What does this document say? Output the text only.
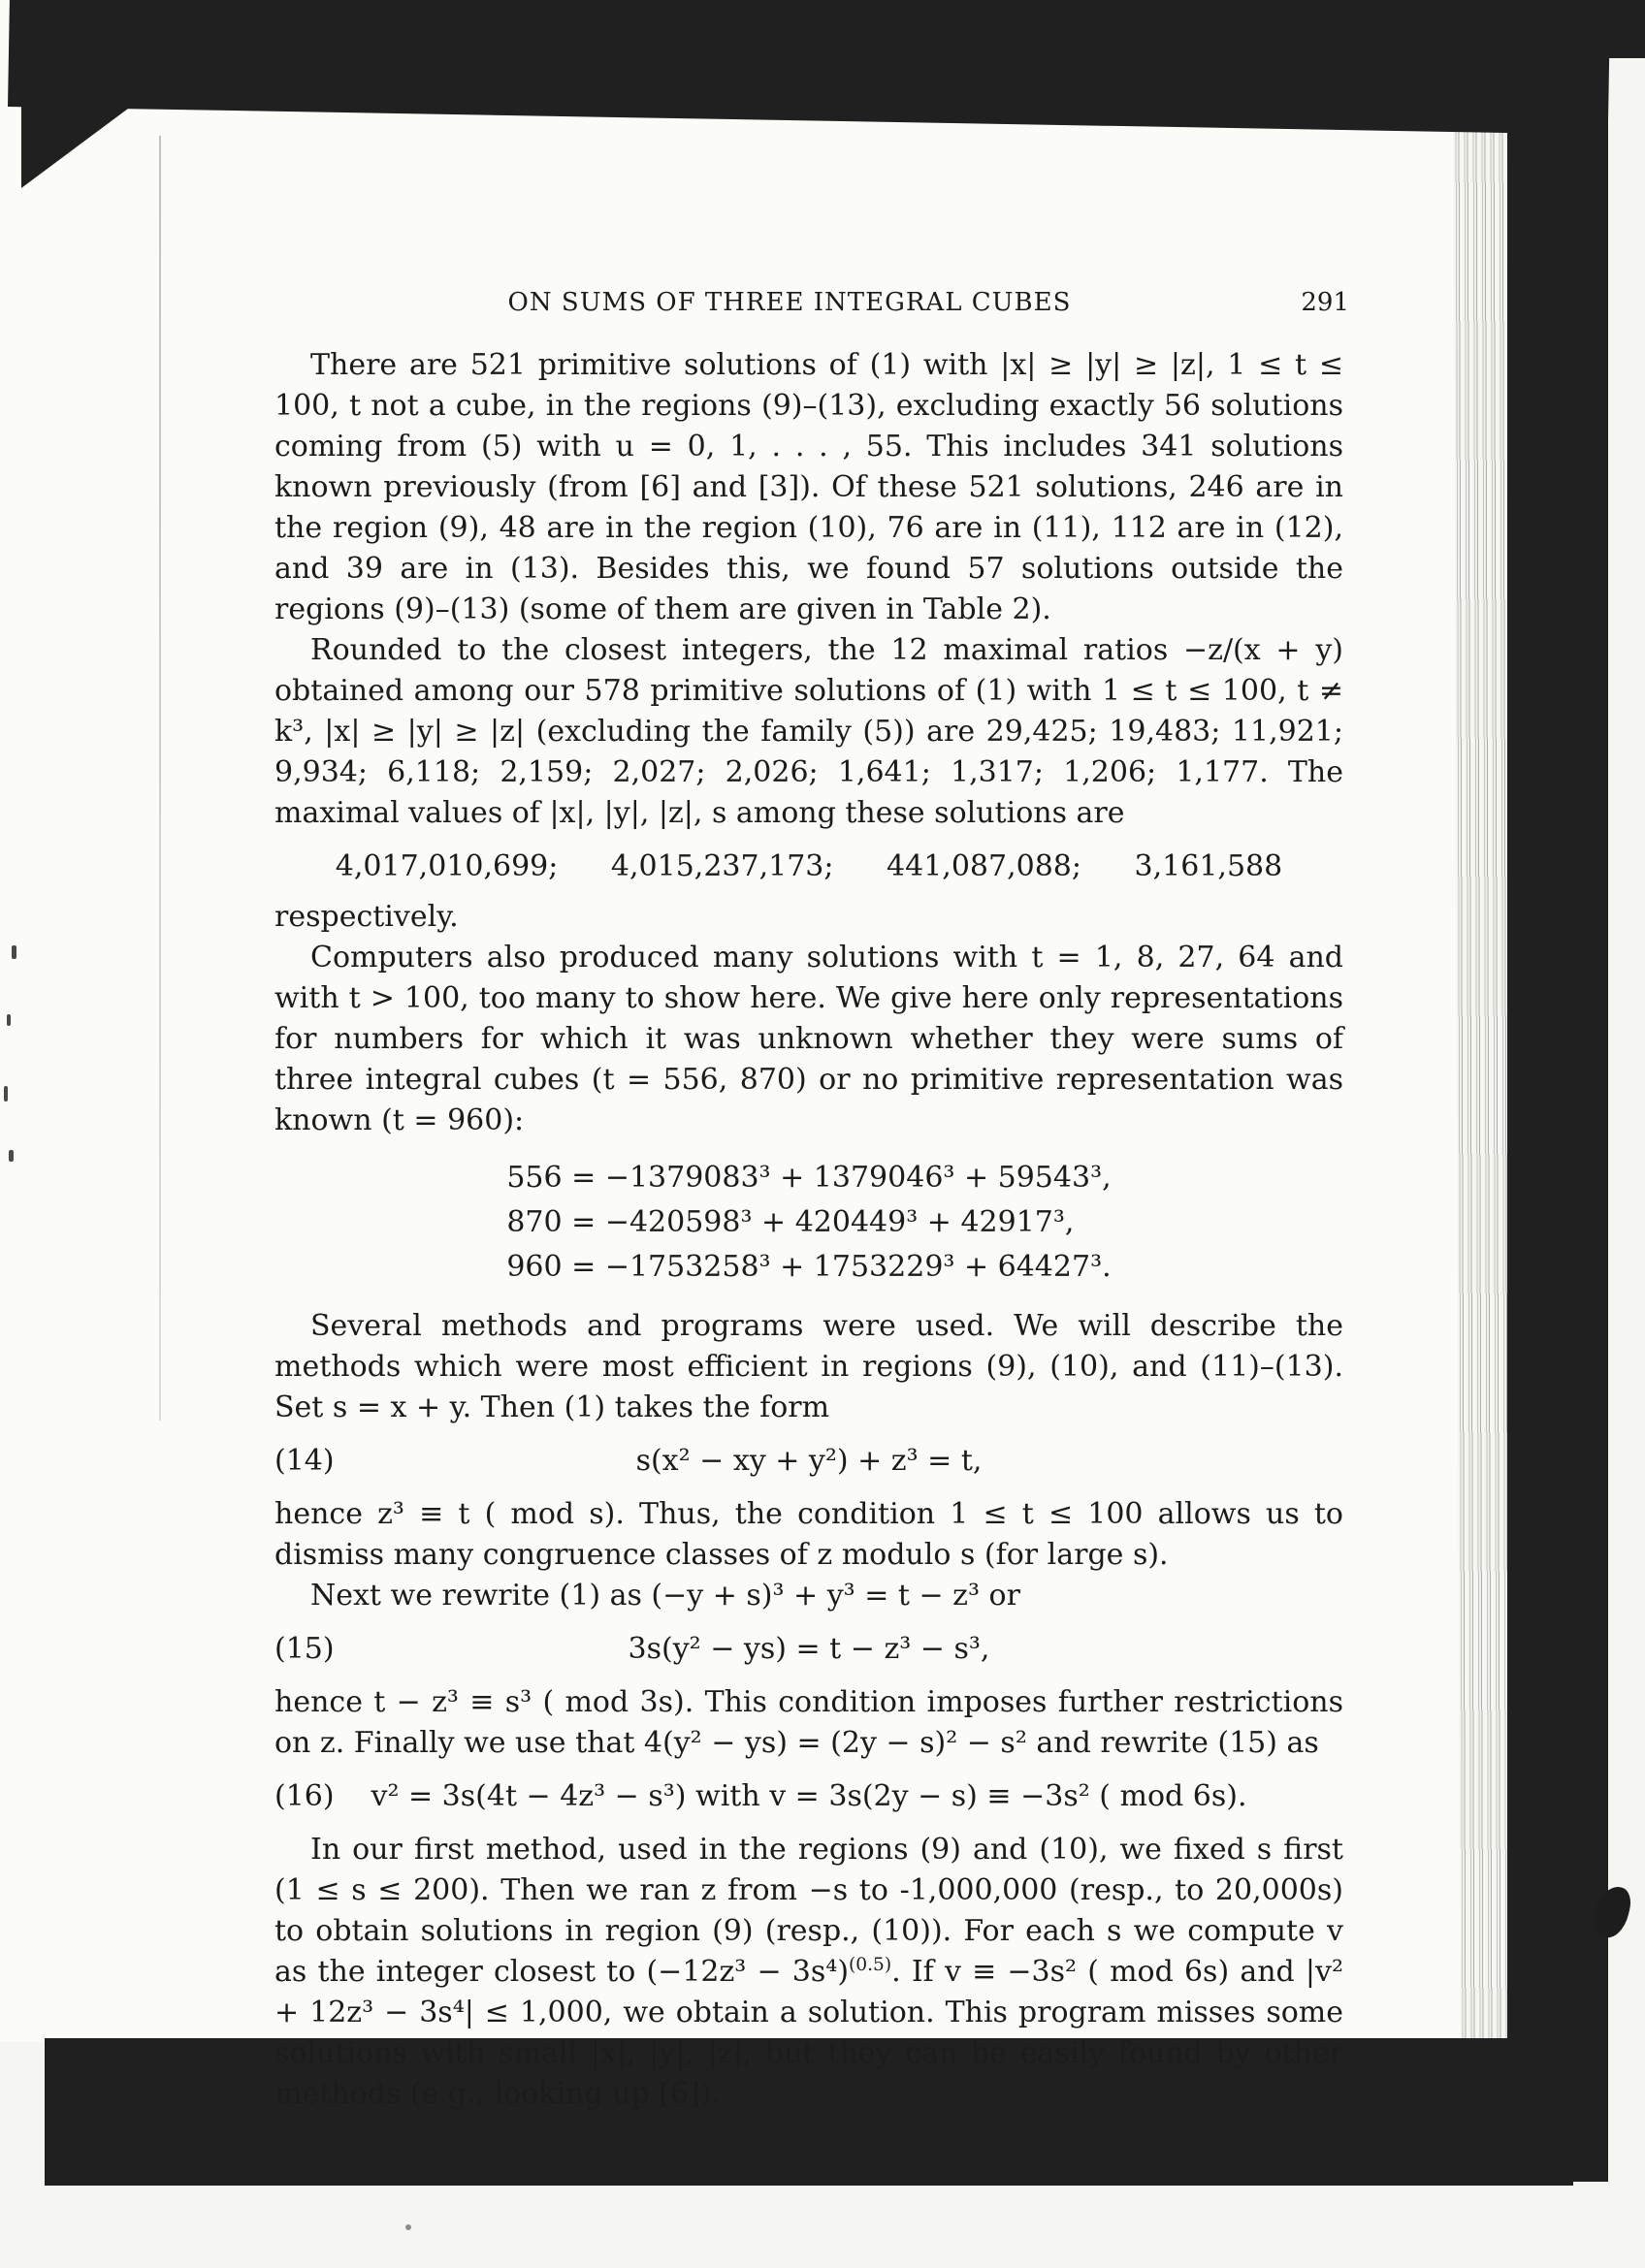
ON SUMS OF THREE INTEGRAL CUBES	291

There are 521 primitive solutions of (1) with |x| ≥ |y| ≥ |z|, 1 ≤ t ≤ 100, t not a cube, in the regions (9)–(13), excluding exactly 56 solutions coming from (5) with u = 0, 1, . . . , 55. This includes 341 solutions known previously (from [6] and [3]). Of these 521 solutions, 246 are in the region (9), 48 are in the region (10), 76 are in (11), 112 are in (12), and 39 are in (13). Besides this, we found 57 solutions outside the regions (9)–(13) (some of them are given in Table 2).

Rounded to the closest integers, the 12 maximal ratios −z/(x + y) obtained among our 578 primitive solutions of (1) with 1 ≤ t ≤ 100, t ≠ k³, |x| ≥ |y| ≥ |z| (excluding the family (5)) are 29,425; 19,483; 11,921; 9,934; 6,118; 2,159; 2,027; 2,026; 1,641; 1,317; 1,206; 1,177. The maximal values of |x|, |y|, |z|, s among these solutions are

4,017,010,699;   4,015,237,173;   441,087,088;   3,161,588

respectively.

Computers also produced many solutions with t = 1, 8, 27, 64 and with t > 100, too many to show here. We give here only representations for numbers for which it was unknown whether they were sums of three integral cubes (t = 556, 870) or no primitive representation was known (t = 960):

556 = −1379083³ + 1379046³ + 59543³,
870 = −420598³ + 420449³ + 42917³,
960 = −1753258³ + 1753229³ + 64427³.

Several methods and programs were used. We will describe the methods which were most efficient in regions (9), (10), and (11)–(13). Set s = x + y. Then (1) takes the form

(14)	s(x² − xy + y²) + z³ = t,

hence z³ ≡ t ( mod s). Thus, the condition 1 ≤ t ≤ 100 allows us to dismiss many congruence classes of z modulo s (for large s).

Next we rewrite (1) as (−y + s)³ + y³ = t − z³ or

(15)	3s(y² − ys) = t − z³ − s³,

hence t − z³ ≡ s³ ( mod 3s). This condition imposes further restrictions on z. Finally we use that 4(y² − ys) = (2y − s)² − s² and rewrite (15) as

(16) v² = 3s(4t − 4z³ − s³) with v = 3s(2y − s) ≡ −3s² ( mod 6s).

In our first method, used in the regions (9) and (10), we fixed s first (1 ≤ s ≤ 200). Then we ran z from −s to -1,000,000 (resp., to 20,000s) to obtain solutions in region (9) (resp., (10)). For each s we compute v as the integer closest to $(-12z^3 - 3s^4)^{(0.5)}$. If v ≡ −3s² ( mod 6s) and |v² + 12z³ − 3s⁴| ≤ 1,000, we obtain a solution. This program misses some solutions with small |x|, |y|, |z|, but they can be easily found by other methods (e.g., looking up [6]).
